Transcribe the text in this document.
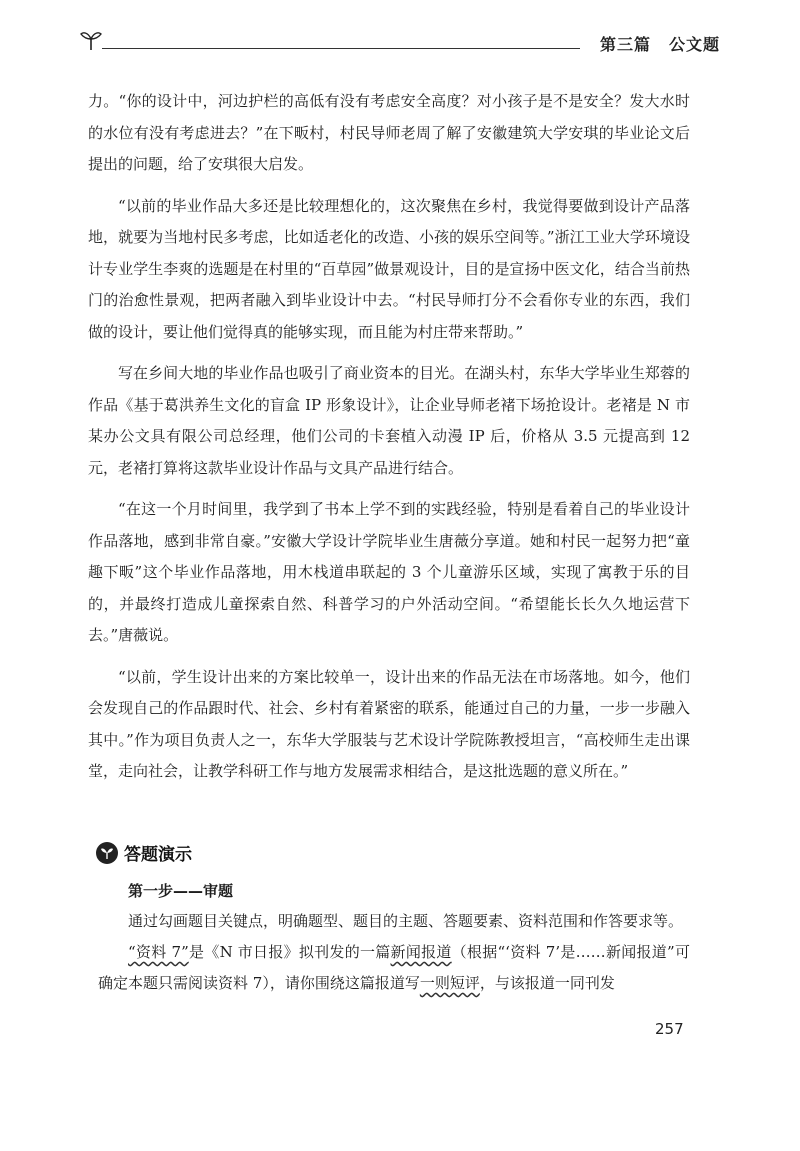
第三篇 公文题

力。“你的设计中，河边护栏的高低有没有考虑安全高度？对小孩子是不是安全？发大水时的水位有没有考虑进去？”在下畈村，村民导师老周了解了安徽建筑大学安琪的毕业论文后提出的问题，给了安琪很大启发。

“以前的毕业作品大多还是比较理想化的，这次聚焦在乡村，我觉得要做到设计产品落地，就要为当地村民多考虑，比如适老化的改造、小孩的娱乐空间等。”浙江工业大学环境设计专业学生李爽的选题是在村里的“百草园”做景观设计，目的是宣扬中医文化，结合当前热门的治愈性景观，把两者融入到毕业设计中去。“村民导师打分不会看你专业的东西，我们做的设计，要让他们觉得真的能够实现，而且能为村庄带来帮助。”

写在乡间大地的毕业作品也吸引了商业资本的目光。在湖头村，东华大学毕业生郑蓉的作品《基于葛洪养生文化的盲盒 IP 形象设计》，让企业导师老褚下场抢设计。老褚是 N 市某办公文具有限公司总经理，他们公司的卡套植入动漫 IP 后，价格从 3.5 元提高到 12 元，老褚打算将这款毕业设计作品与文具产品进行结合。

“在这一个月时间里，我学到了书本上学不到的实践经验，特别是看着自己的毕业设计作品落地，感到非常自豪。”安徽大学设计学院毕业生唐薇分享道。她和村民一起努力把“童趣下畈”这个毕业作品落地，用木栈道串联起的 3 个儿童游乐区域，实现了寓教于乐的目的，并最终打造成儿童探索自然、科普学习的户外活动空间。“希望能长长久久地运营下去。”唐薇说。

“以前，学生设计出来的方案比较单一，设计出来的作品无法在市场落地。如今，他们会发现自己的作品跟时代、社会、乡村有着紧密的联系，能通过自己的力量，一步一步融入其中。”作为项目负责人之一，东华大学服装与艺术设计学院陈教授坦言，“高校师生走出课堂，走向社会，让教学科研工作与地方发展需求相结合，是这批选题的意义所在。”

答题演示
第一步——审题

通过勾画题目关键点，明确题型、题目的主题、答题要素、资料范围和作答要求等。

“资料 7”是《N 市日报》拟刊发的一篇新闻报道（根据“‘资料 7’是……新闻报道”可确定本题只需阅读资料 7），请你围绕这篇报道写一则短评，与该报道一同刊发

257
